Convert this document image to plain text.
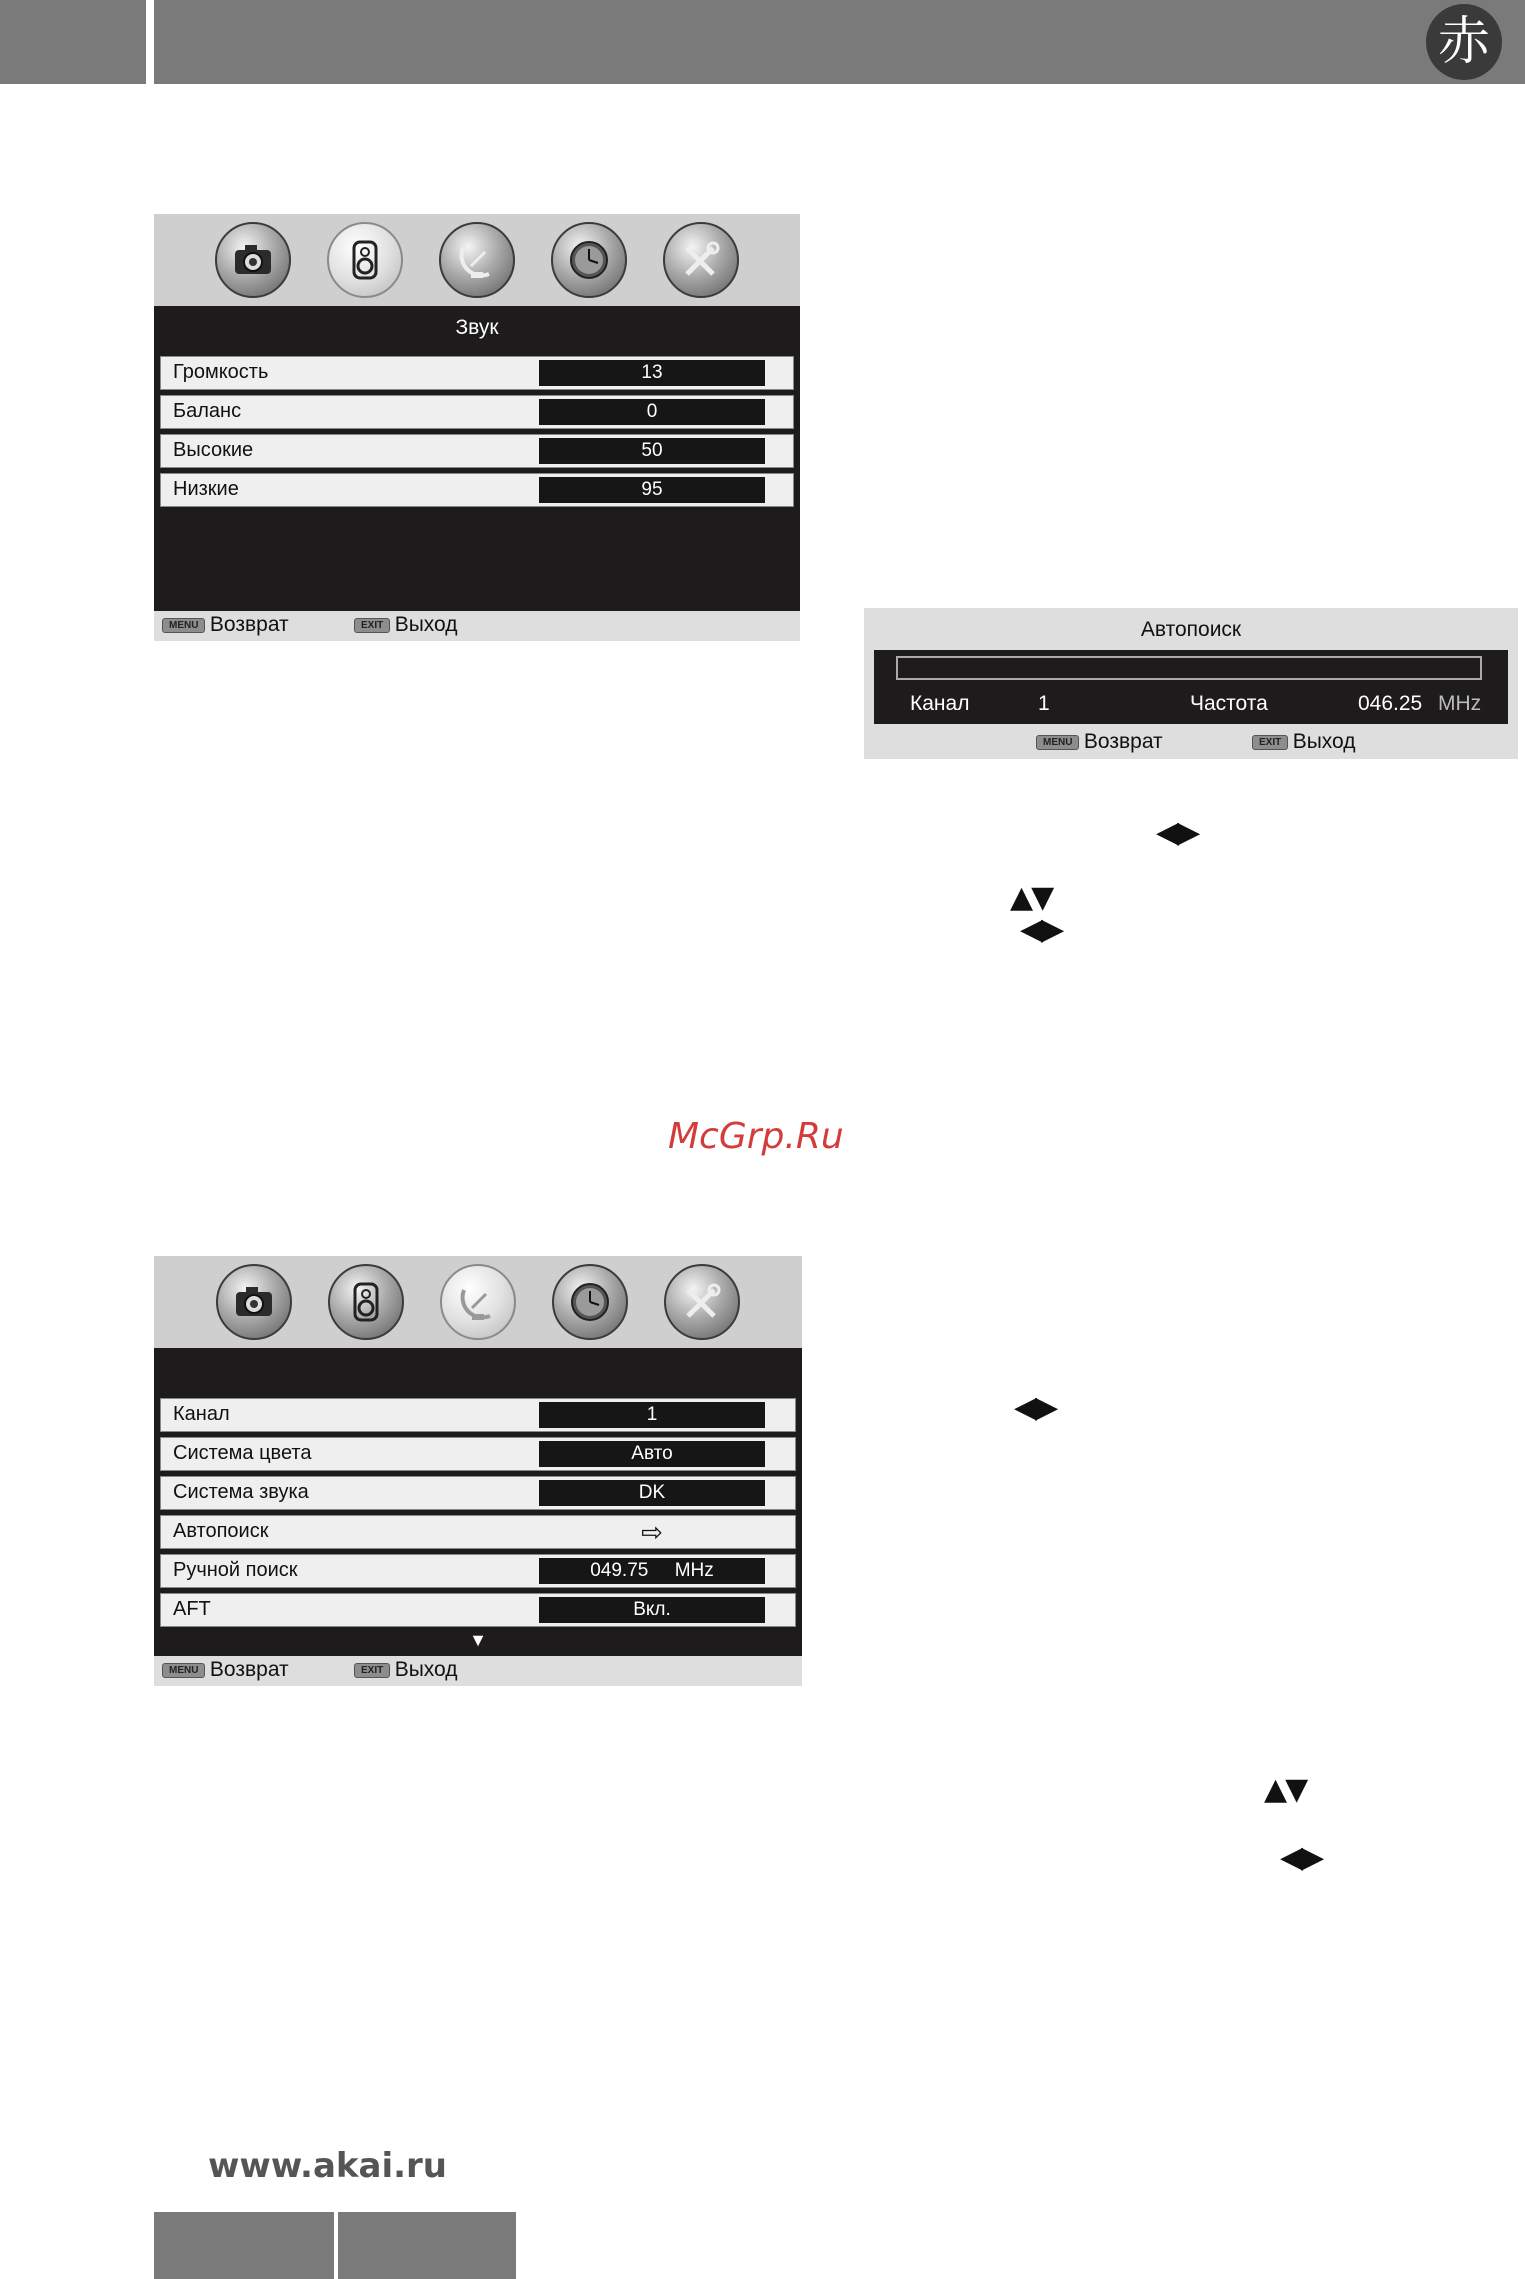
赤
Звук
Громкость	13
Баланс	0
Высокие	50
Низкие	95
MENU Возврат	EXIT Выход	Автопоиск
Канал	1	Частота	046.25 MHz
MENU Возврат	EXIT Выход
◀▶
▲▼
◀▶
McGrp.Ru
Канал	1
Система цвета	Авто
Система звука	DK
Автопоиск	⇨
Ручной поиск	049.75     MHz
AFT	Вкл.
▼
MENU Возврат	EXIT Выход
◀▶
▲▼
◀▶
www.akai.ru
